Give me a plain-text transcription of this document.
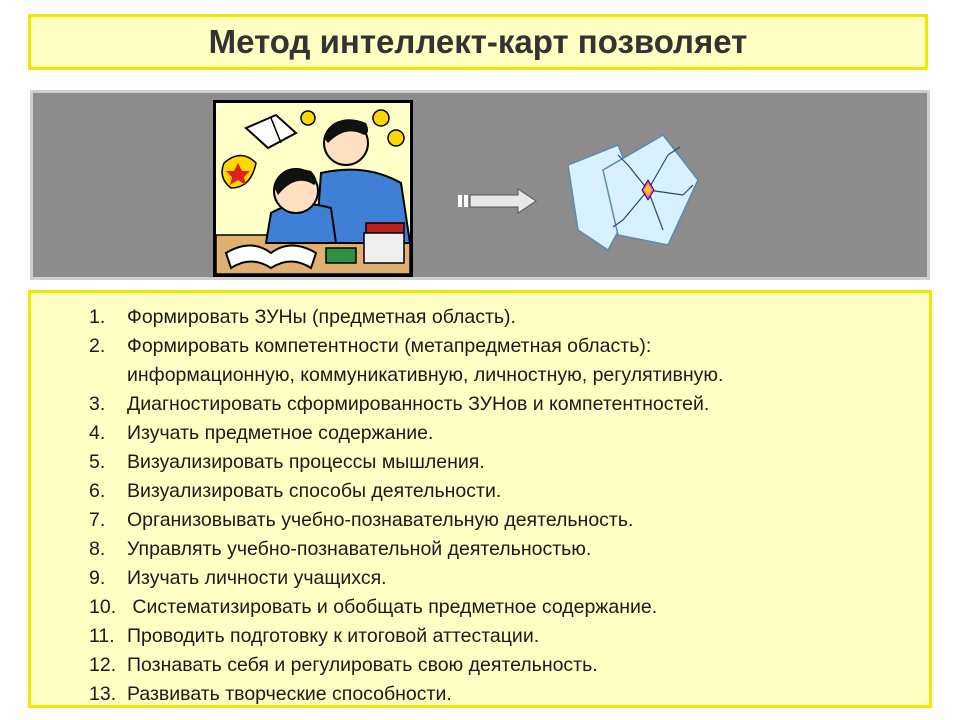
Метод интеллект-карт позволяет
1.	Формировать ЗУНы (предметная область).
2.	Формировать компетентности (метапредметная область):
информационную, коммуникативную, личностную, регулятивную.
3.	Диагностировать сформированность ЗУНов и компетентностей.
4.	Изучать предметное содержание.
5.	Визуализировать процессы мышления.
6.	Визуализировать способы деятельности.
7.	Организовывать учебно-познавательную деятельность.
8.	Управлять учебно-познавательной деятельностью.
9.	Изучать личности учащихся.
10. Систематизировать и обобщать предметное содержание.
11. Проводить подготовку к итоговой аттестации.
12. Познавать себя и регулировать свою деятельность.
13. Развивать творческие способности.
